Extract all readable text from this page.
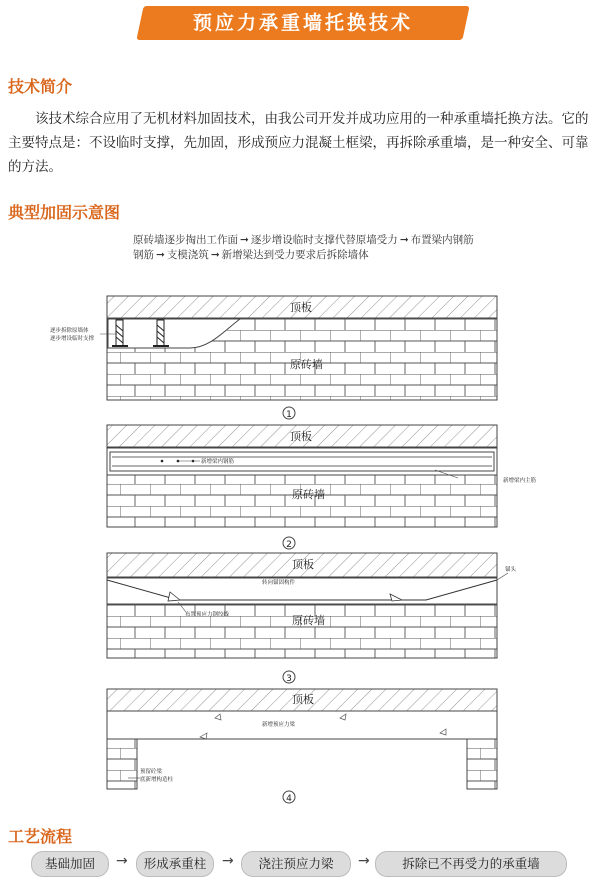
预应力承重墙托换技术
技术简介

该技术综合应用了无机材料加固技术，由我公司开发并成功应用的一种承重墙托换方法。它的主要特点是：不设临时支撑，先加固，形成预应力混凝土框梁，再拆除承重墙，是一种安全、可靠的方法。

典型加固示意图
原砖墙逐步掏出工作面 ➞ 逐步增设临时支撑代替原墙受力 ➞ 布置梁内钢筋
钢筋 ➞ 支模浇筑 ➞ 新增梁达到受力要求后拆除墙体
顶板
原砖墙
逐步拆除原墙体
逐步增设临时支撑
1
新增梁内钢筋
新增梁内主筋
顶板
原砖墙
2
转向锚固构件
布置预应力钢绞线
锚头
顶板
原砖墙
3
顶板
新增预应力梁
预留砼梁
底新增构造柱
4
工艺流程
基础加固	→	形成承重柱	→	浇注预应力梁	→	拆除已不再受力的承重墙
